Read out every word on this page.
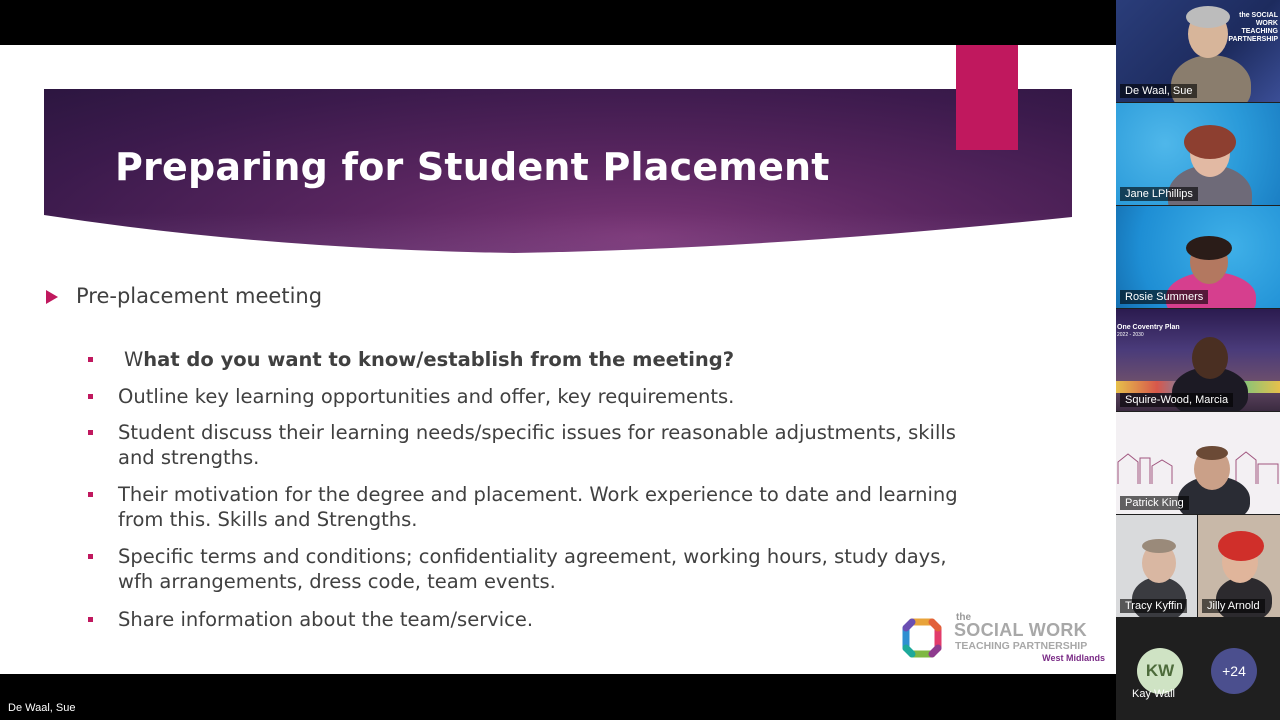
Preparing for Student Placement
Pre-placement meeting
What do you want to know/establish from the meeting?
Outline key learning opportunities and offer, key requirements.
Student discuss their learning needs/specific issues for reasonable adjustments, skills and strengths.
Their motivation for the degree and placement. Work experience to date and learning from this. Skills and Strengths.
Specific terms and conditions; confidentiality agreement, working hours, study days, wfh arrangements, dress code, team events.
Share information about the team/service.	the
SOCIAL WORK
TEACHING PARTNERSHIP
West Midlands
De Waal, Sue
the SOCIAL WORK TEACHING PARTNERSHIP
De Waal, Sue
Jane LPhillips
Rosie Summers
One Coventry Plan
2022 - 2030
Squire-Wood, Marcia
Patrick King
Tracy Kyffin	Jilly Arnold
KW
Kay Wall
+24
